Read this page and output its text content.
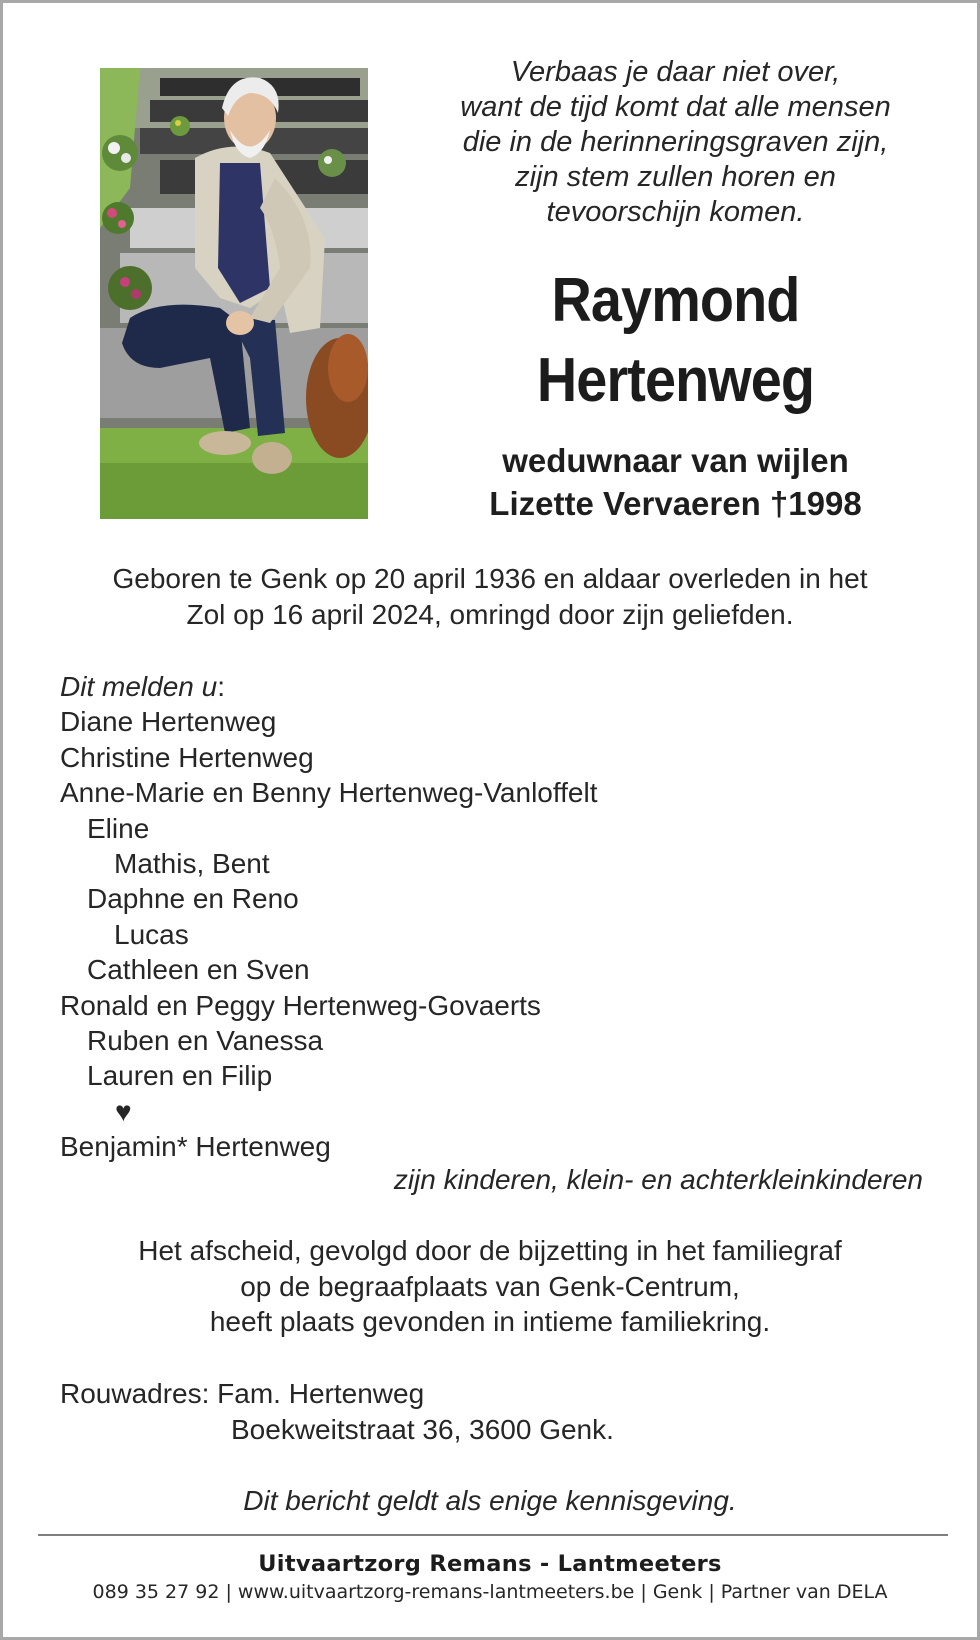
Verbaas je daar niet over,
want de tijd komt dat alle mensen
die in de herinneringsgraven zijn,
zijn stem zullen horen en
tevoorschijn komen.
Raymond
Hertenweg
weduwnaar van wijlen
Lizette Vervaeren †1998
Geboren te Genk op 20 april 1936 en aldaar overleden in het
Zol op 16 april 2024, omringd door zijn geliefden.
Dit melden u:
Diane Hertenweg
Christine Hertenweg
Anne-Marie en Benny Hertenweg-Vanloffelt
Eline
Mathis, Bent
Daphne en Reno
Lucas
Cathleen en Sven
Ronald en Peggy Hertenweg-Govaerts
Ruben en Vanessa
Lauren en Filip
♥
Benjamin* Hertenweg
zijn kinderen, klein- en achterkleinkinderen
Het afscheid, gevolgd door de bijzetting in het familiegraf
op de begraafplaats van Genk-Centrum,
heeft plaats gevonden in intieme familiekring.
Rouwadres: Fam. Hertenweg
Boekweitstraat 36, 3600 Genk.
Dit bericht geldt als enige kennisgeving.
Uitvaartzorg Remans - Lantmeeters
089 35 27 92 | www.uitvaartzorg-remans-lantmeeters.be | Genk | Partner van DELA
